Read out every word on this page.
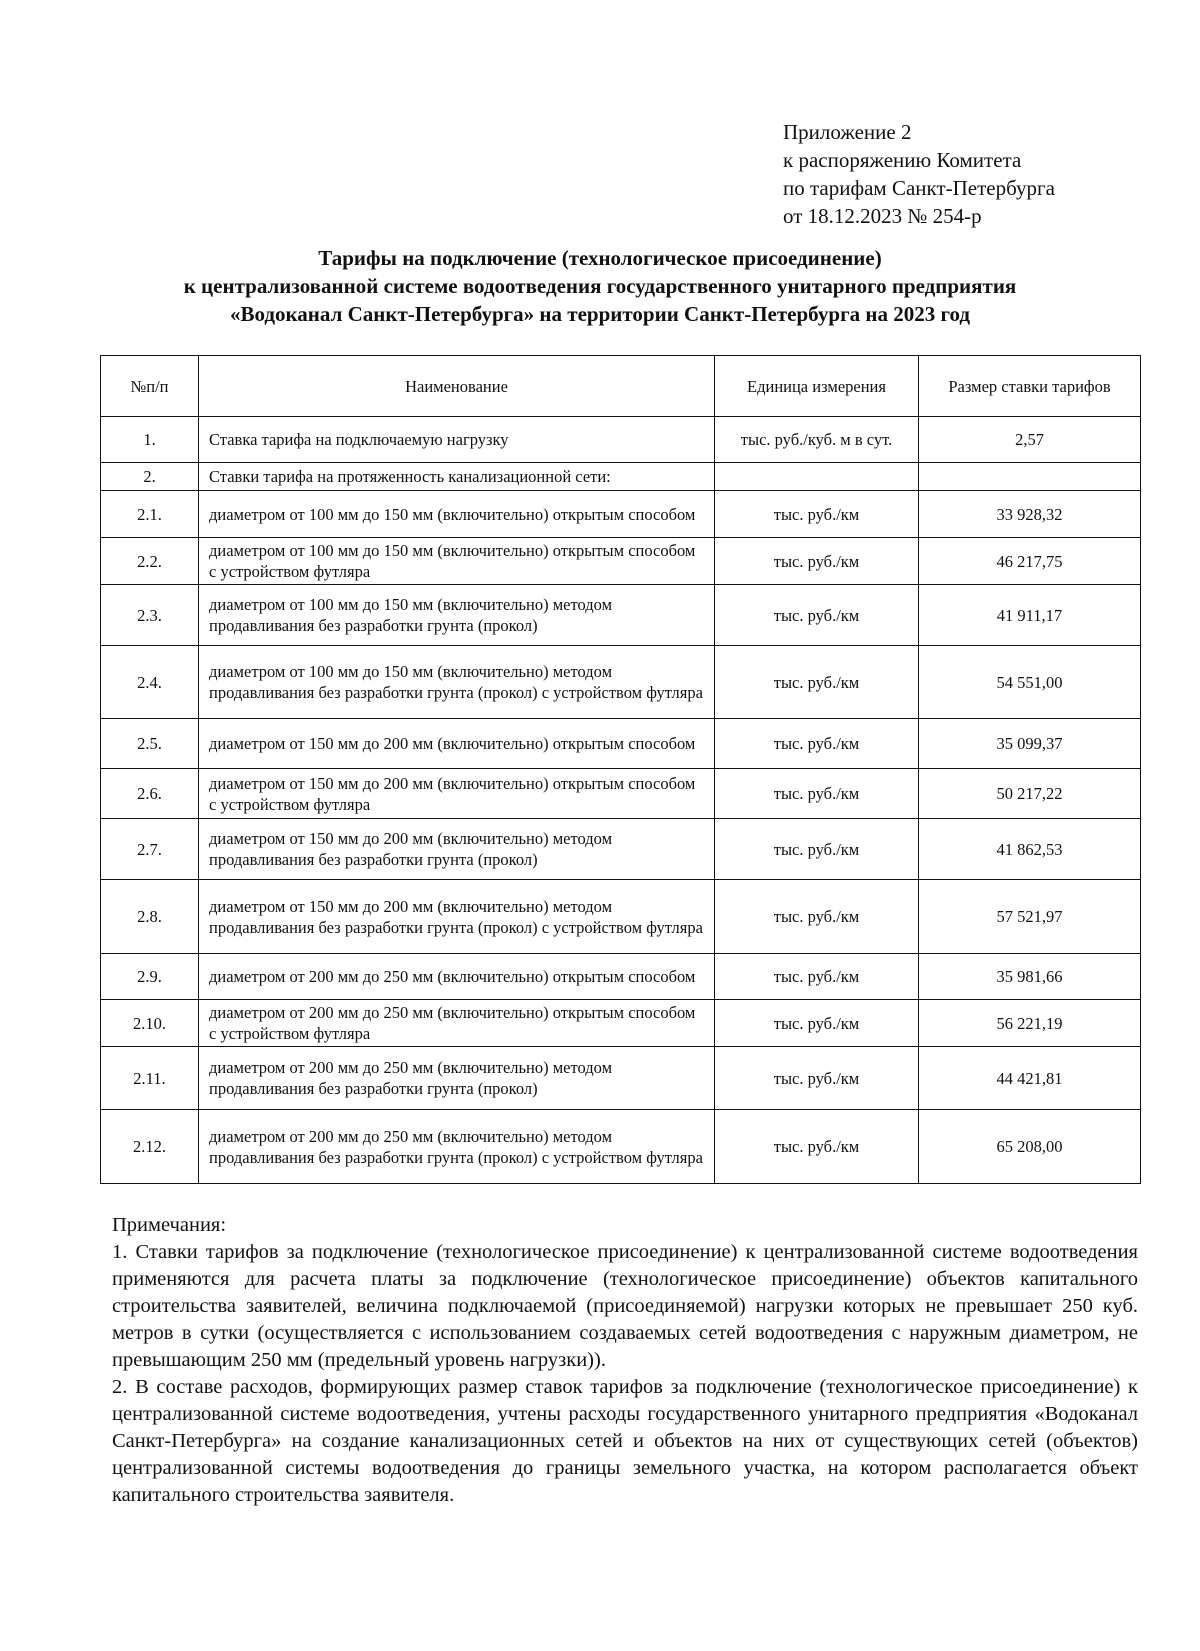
Приложение 2
к распоряжению Комитета
по тарифам Санкт-Петербурга
от 18.12.2023 № 254-р
Тарифы на подключение (технологическое присоединение)
к централизованной системе водоотведения государственного унитарного предприятия
«Водоканал Санкт-Петербурга» на территории Санкт-Петербурга на 2023 год
№п/п	Наименование	Единица измерения	Размер ставки тарифов
1.	Ставка тарифа на подключаемую нагрузку	тыс. руб./куб. м в сут.	2,57
2.	Ставки тарифа на протяженность канализационной сети:		
2.1.	диаметром от 100 мм до 150 мм (включительно) открытым способом	тыс. руб./км	33 928,32
2.2.	диаметром от 100 мм до 150 мм (включительно) открытым способом с устройством футляра	тыс. руб./км	46 217,75
2.3.	диаметром от 100 мм до 150 мм (включительно) методом продавливания без разработки грунта (прокол)	тыс. руб./км	41 911,17
2.4.	диаметром от 100 мм до 150 мм (включительно) методом продавливания без разработки грунта (прокол) с устройством футляра	тыс. руб./км	54 551,00
2.5.	диаметром от 150 мм до 200 мм (включительно) открытым способом	тыс. руб./км	35 099,37
2.6.	диаметром от 150 мм до 200 мм (включительно) открытым способом с устройством футляра	тыс. руб./км	50 217,22
2.7.	диаметром от 150 мм до 200 мм (включительно) методом продавливания без разработки грунта (прокол)	тыс. руб./км	41 862,53
2.8.	диаметром от 150 мм до 200 мм (включительно) методом продавливания без разработки грунта (прокол) с устройством футляра	тыс. руб./км	57 521,97
2.9.	диаметром от 200 мм до 250 мм (включительно) открытым способом	тыс. руб./км	35 981,66
2.10.	диаметром от 200 мм до 250 мм (включительно) открытым способом с устройством футляра	тыс. руб./км	56 221,19
2.11.	диаметром от 200 мм до 250 мм (включительно) методом продавливания без разработки грунта (прокол)	тыс. руб./км	44 421,81
2.12.	диаметром от 200 мм до 250 мм (включительно) методом продавливания без разработки грунта (прокол) с устройством футляра	тыс. руб./км	65 208,00

Примечания:

1. Ставки тарифов за подключение (технологическое присоединение) к централизованной системе водоотведения применяются для расчета платы за подключение (технологическое присоединение) объектов капитального строительства заявителей, величина подключаемой (присоединяемой) нагрузки которых не превышает 250 куб. метров в сутки (осуществляется с использованием создаваемых сетей водоотведения с наружным диаметром, не превышающим 250 мм (предельный уровень нагрузки)).

2. В составе расходов, формирующих размер ставок тарифов за подключение (технологическое присоединение) к централизованной системе водоотведения, учтены расходы государственного унитарного предприятия «Водоканал Санкт-Петербурга» на создание канализационных сетей и объектов на них от существующих сетей (объектов) централизованной системы водоотведения до границы земельного участка, на котором располагается объект капитального строительства заявителя.
